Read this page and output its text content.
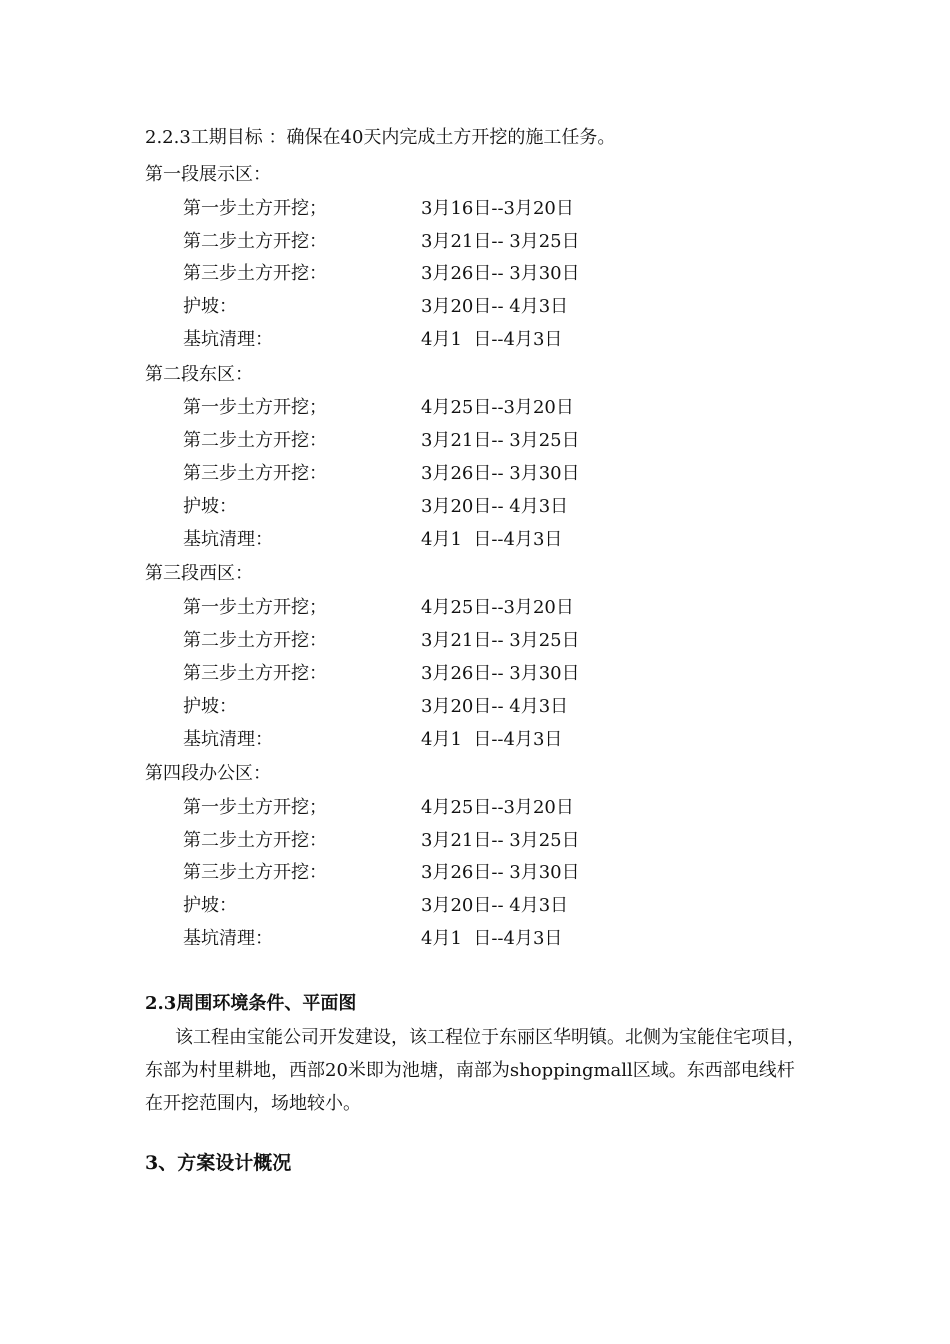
2.2.3工期目标 ：确保在40天内完成土方开挖的施工任务。
第一段展示区：
第一步土方开挖；	3月16日--3月20日
第二步土方开挖：	3月21日-- 3月25日
第三步土方开挖：	3月26日-- 3月30日
护坡：	3月20日-- 4月3日
基坑清理：	4月1  日--4月3日
第二段东区：
第一步土方开挖；	4月25日--3月20日
第二步土方开挖：	3月21日-- 3月25日
第三步土方开挖：	3月26日-- 3月30日
护坡：	3月20日-- 4月3日
基坑清理：	4月1  日--4月3日
第三段西区：
第一步土方开挖；	4月25日--3月20日
第二步土方开挖：	3月21日-- 3月25日
第三步土方开挖：	3月26日-- 3月30日
护坡：	3月20日-- 4月3日
基坑清理：	4月1  日--4月3日
第四段办公区：
第一步土方开挖；	4月25日--3月20日
第二步土方开挖：	3月21日-- 3月25日
第三步土方开挖：	3月26日-- 3月30日
护坡：	3月20日-- 4月3日
基坑清理：	4月1  日--4月3日
2.3周围环境条件、平面图
该工程由宝能公司开发建设，该工程位于东丽区华明镇。北侧为宝能住宅项目，东部为村里耕地，西部20米即为池塘，南部为shoppingmall区域。东西部电线杆在开挖范围内，场地较小。
3、方案设计概况
